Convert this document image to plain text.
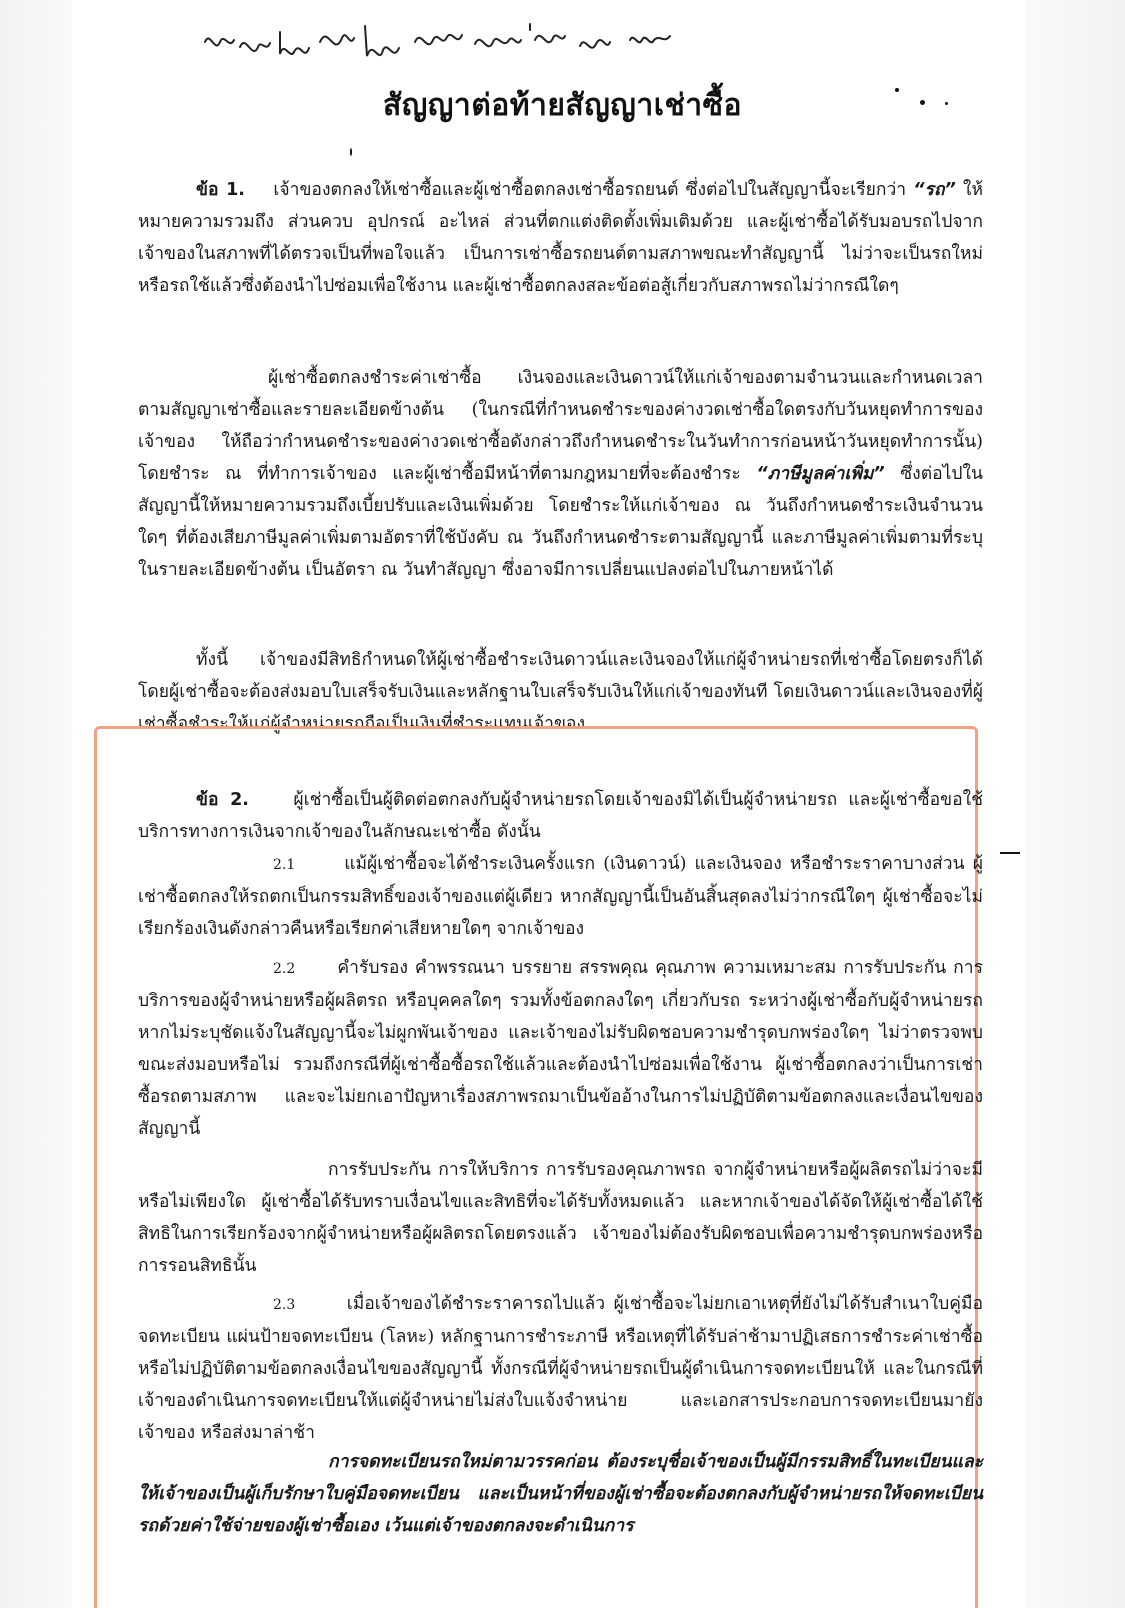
สัญญาต่อท้ายสัญญาเช่าซื้อ

ข้อ 1. เจ้าของตกลงให้เช่าซื้อและผู้เช่าซื้อตกลงเช่าซื้อรถยนต์ ซึ่งต่อไปในสัญญานี้จะเรียกว่า “รถ” ให้หมายความรวมถึง ส่วนควบ อุปกรณ์ อะไหล่ ส่วนที่ตกแต่งติดตั้งเพิ่มเติมด้วย และผู้เช่าซื้อได้รับมอบรถไปจากเจ้าของในสภาพที่ได้ตรวจเป็นที่พอใจแล้ว เป็นการเช่าซื้อรถยนต์ตามสภาพขณะทำสัญญานี้ ไม่ว่าจะเป็นรถใหม่หรือรถใช้แล้วซึ่งต้องนำไปซ่อมเพื่อใช้งาน และผู้เช่าซื้อตกลงสละข้อต่อสู้เกี่ยวกับสภาพรถไม่ว่ากรณีใดๆ

ผู้เช่าซื้อตกลงชำระค่าเช่าซื้อ เงินจองและเงินดาวน์ให้แก่เจ้าของตามจำนวนและกำหนดเวลาตามสัญญาเช่าซื้อและรายละเอียดข้างต้น (ในกรณีที่กำหนดชำระของค่างวดเช่าซื้อใดตรงกับวันหยุดทำการของเจ้าของ ให้ถือว่ากำหนดชำระของค่างวดเช่าซื้อดังกล่าวถึงกำหนดชำระในวันทำการก่อนหน้าวันหยุดทำการนั้น) โดยชำระ ณ ที่ทำการเจ้าของ และผู้เช่าซื้อมีหน้าที่ตามกฎหมายที่จะต้องชำระ “ภาษีมูลค่าเพิ่ม” ซึ่งต่อไปในสัญญานี้ให้หมายความรวมถึงเบี้ยปรับและเงินเพิ่มด้วย โดยชำระให้แก่เจ้าของ ณ วันถึงกำหนดชำระเงินจำนวนใดๆ ที่ต้องเสียภาษีมูลค่าเพิ่มตามอัตราที่ใช้บังคับ ณ วันถึงกำหนดชำระตามสัญญานี้ และภาษีมูลค่าเพิ่มตามที่ระบุในรายละเอียดข้างต้น เป็นอัตรา ณ วันทำสัญญา ซึ่งอาจมีการเปลี่ยนแปลงต่อไปในภายหน้าได้

ทั้งนี้ เจ้าของมีสิทธิกำหนดให้ผู้เช่าซื้อชำระเงินดาวน์และเงินจองให้แก่ผู้จำหน่ายรถที่เช่าซื้อโดยตรงก็ได้ โดยผู้เช่าซื้อจะต้องส่งมอบใบเสร็จรับเงินและหลักฐานใบเสร็จรับเงินให้แก่เจ้าของทันที โดยเงินดาวน์และเงินจองที่ผู้เช่าซื้อชำระให้แก่ผู้จำหน่ายรถถือเป็นเงินที่ชำระแทนเจ้าของ

ข้อ 2.	ผู้เช่าซื้อเป็นผู้ติดต่อตกลงกับผู้จำหน่ายรถโดยเจ้าของมิได้เป็นผู้จำหน่ายรถ และผู้เช่าซื้อขอใช้บริการทางการเงินจากเจ้าของในลักษณะเช่าซื้อ ดังนั้น

2.1	แม้ผู้เช่าซื้อจะได้ชำระเงินครั้งแรก (เงินดาวน์) และเงินจอง หรือชำระราคาบางส่วน ผู้เช่าซื้อตกลงให้รถตกเป็นกรรมสิทธิ์ของเจ้าของแต่ผู้เดียว หากสัญญานี้เป็นอันสิ้นสุดลงไม่ว่ากรณีใดๆ ผู้เช่าซื้อจะไม่เรียกร้องเงินดังกล่าวคืนหรือเรียกค่าเสียหายใดๆ จากเจ้าของ

2.2 คำรับรอง คำพรรณนา บรรยาย สรรพคุณ คุณภาพ ความเหมาะสม การรับประกัน การบริการของผู้จำหน่ายหรือผู้ผลิตรถ หรือบุคคลใดๆ รวมทั้งข้อตกลงใดๆ เกี่ยวกับรถ ระหว่างผู้เช่าซื้อกับผู้จำหน่ายรถ หากไม่ระบุชัดแจ้งในสัญญานี้จะไม่ผูกพันเจ้าของ และเจ้าของไม่รับผิดชอบความชำรุดบกพร่องใดๆ ไม่ว่าตรวจพบขณะส่งมอบหรือไม่ รวมถึงกรณีที่ผู้เช่าซื้อซื้อรถใช้แล้วและต้องนำไปซ่อมเพื่อใช้งาน ผู้เช่าซื้อตกลงว่าเป็นการเช่าซื้อรถตามสภาพ และจะไม่ยกเอาปัญหาเรื่องสภาพรถมาเป็นข้ออ้างในการไม่ปฏิบัติตามข้อตกลงและเงื่อนไขของสัญญานี้

การรับประกัน การให้บริการ การรับรองคุณภาพรถ จากผู้จำหน่ายหรือผู้ผลิตรถไม่ว่าจะมีหรือไม่เพียงใด ผู้เช่าซื้อได้รับทราบเงื่อนไขและสิทธิที่จะได้รับทั้งหมดแล้ว และหากเจ้าของได้จัดให้ผู้เช่าซื้อได้ใช้สิทธิในการเรียกร้องจากผู้จำหน่ายหรือผู้ผลิตรถโดยตรงแล้ว เจ้าของไม่ต้องรับผิดชอบเพื่อความชำรุดบกพร่องหรือการรอนสิทธินั้น

2.3	เมื่อเจ้าของได้ชำระราคารถไปแล้ว ผู้เช่าซื้อจะไม่ยกเอาเหตุที่ยังไม่ได้รับสำเนาใบคู่มือจดทะเบียน แผ่นป้ายจดทะเบียน (โลหะ) หลักฐานการชำระภาษี หรือเหตุที่ได้รับล่าช้ามาปฏิเสธการชำระค่าเช่าซื้อ หรือไม่ปฏิบัติตามข้อตกลงเงื่อนไขของสัญญานี้ ทั้งกรณีที่ผู้จำหน่ายรถเป็นผู้ดำเนินการจดทะเบียนให้ และในกรณีที่เจ้าของดำเนินการจดทะเบียนให้แต่ผู้จำหน่ายไม่ส่งใบแจ้งจำหน่าย และเอกสารประกอบการจดทะเบียนมายังเจ้าของ หรือส่งมาล่าช้า

การจดทะเบียนรถใหม่ตามวรรคก่อน ต้องระบุชื่อเจ้าของเป็นผู้มีกรรมสิทธิ์ในทะเบียนและให้เจ้าของเป็นผู้เก็บรักษาใบคู่มือจดทะเบียน และเป็นหน้าที่ของผู้เช่าซื้อจะต้องตกลงกับผู้จำหน่ายรถให้จดทะเบียนรถด้วยค่าใช้จ่ายของผู้เช่าซื้อเอง เว้นแต่เจ้าของตกลงจะดำเนินการ
